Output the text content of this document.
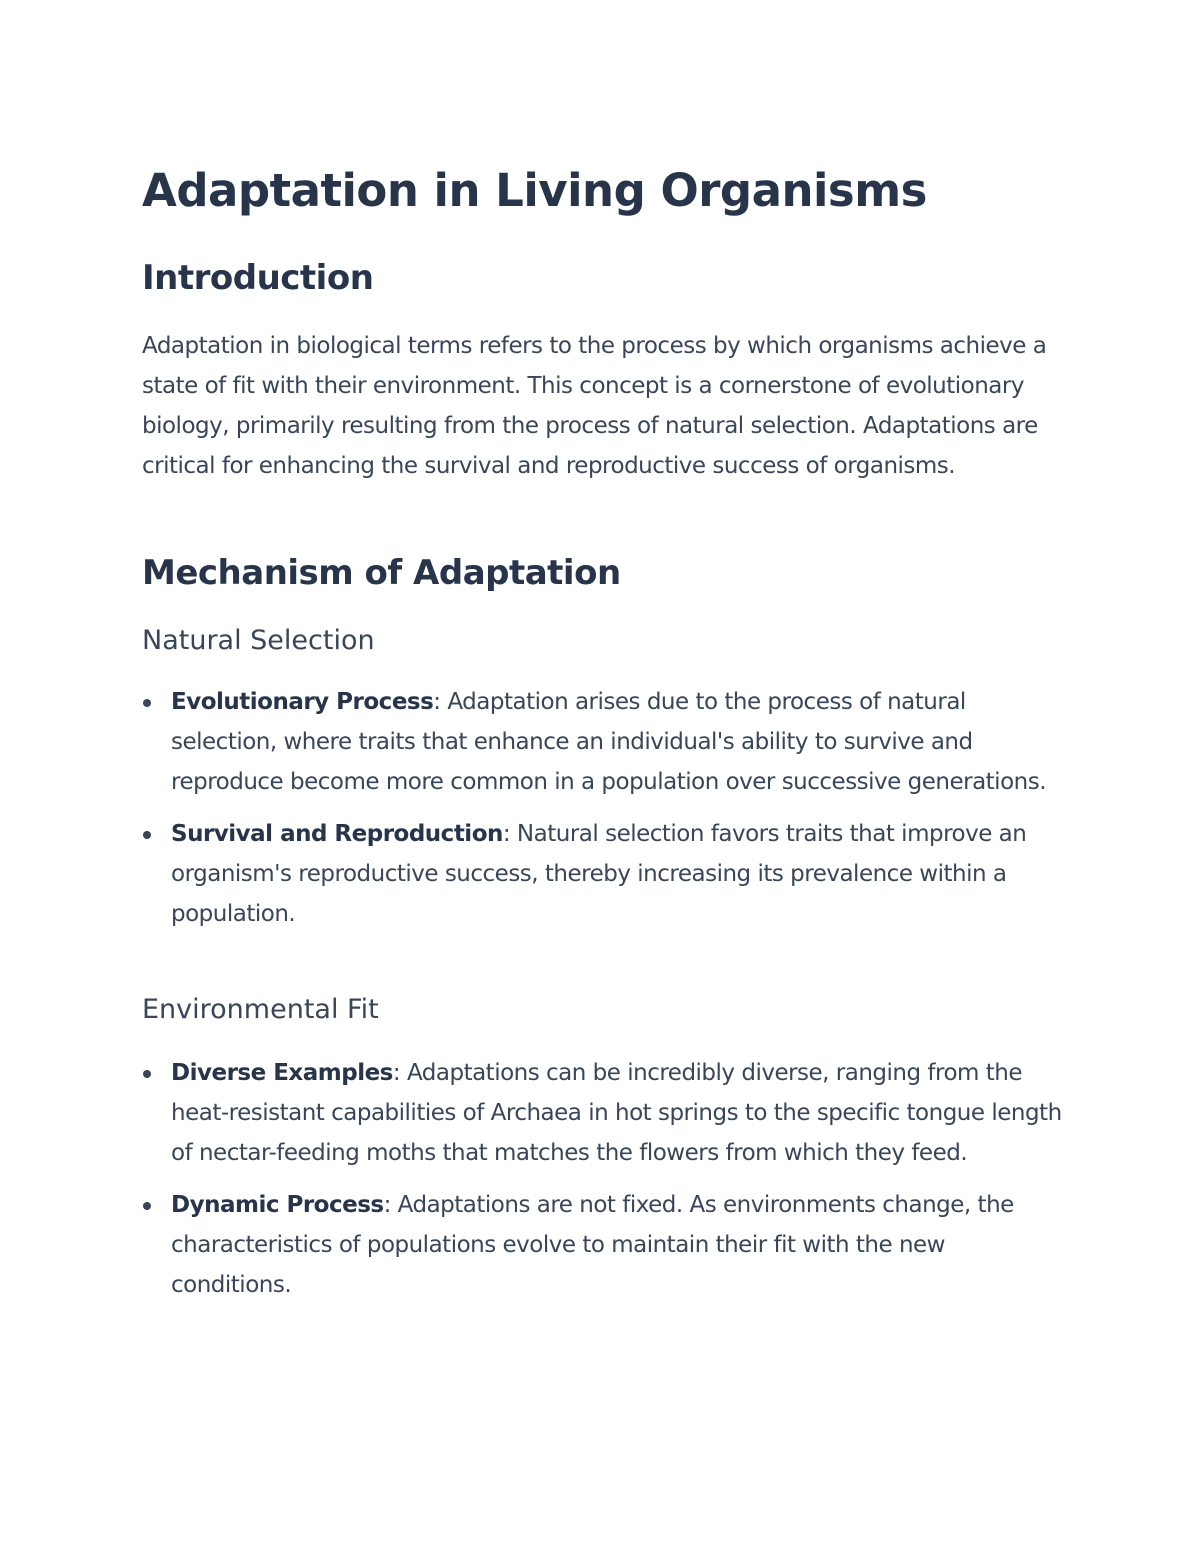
Adaptation in Living Organisms
Introduction

Adaptation in biological terms refers to the process by which organisms achieve a state of fit with their environment. This concept is a cornerstone of evolutionary biology, primarily resulting from the process of natural selection. Adaptations are critical for enhancing the survival and reproductive success of organisms.

Mechanism of Adaptation
Natural Selection
Evolutionary Process: Adaptation arises due to the process of natural selection, where traits that enhance an individual's ability to survive and reproduce become more common in a population over successive generations.
Survival and Reproduction: Natural selection favors traits that improve an organism's reproductive success, thereby increasing its prevalence within a population.
Environmental Fit
Diverse Examples: Adaptations can be incredibly diverse, ranging from the heat-resistant capabilities of Archaea in hot springs to the specific tongue length of nectar-feeding moths that matches the flowers from which they feed.
Dynamic Process: Adaptations are not fixed. As environments change, the characteristics of populations evolve to maintain their fit with the new conditions.
